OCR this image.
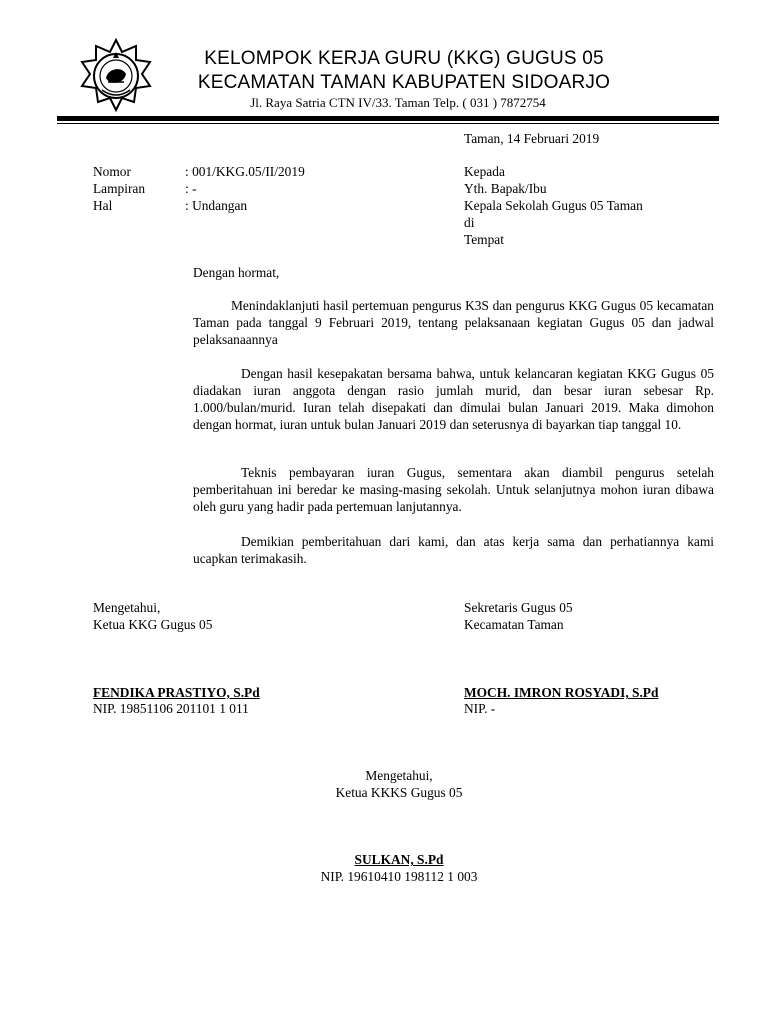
KELOMPOK KERJA GURU (KKG) GUGUS 05
KECAMATAN TAMAN KABUPATEN SIDOARJO
Jl. Raya Satria CTN IV/33. Taman Telp. ( 031 ) 7872754
Taman, 14 Februari 2019
Nomor	: 001/KKG.05/II/2019
Lampiran	: -
Hal	: Undangan
Kepada
Yth. Bapak/Ibu
Kepala Sekolah Gugus 05 Taman
di
Tempat
Dengan hormat,
Menindaklanjuti hasil pertemuan pengurus K3S dan pengurus KKG Gugus 05 kecamatan Taman pada tanggal 9 Februari 2019, tentang pelaksanaan kegiatan Gugus 05 dan jadwal pelaksanaannya
Dengan hasil kesepakatan bersama bahwa, untuk kelancaran kegiatan KKG Gugus 05 diadakan iuran anggota dengan rasio jumlah murid, dan besar iuran sebesar Rp. 1.000/bulan/murid. Iuran telah disepakati dan dimulai bulan Januari 2019. Maka dimohon dengan hormat, iuran untuk bulan Januari 2019 dan seterusnya di bayarkan tiap tanggal 10.
Teknis pembayaran iuran Gugus, sementara akan diambil pengurus setelah pemberitahuan ini beredar ke masing-masing sekolah. Untuk selanjutnya mohon iuran dibawa oleh guru yang hadir pada pertemuan lanjutannya.
Demikian pemberitahuan dari kami, dan atas kerja sama dan perhatiannya kami ucapkan terimakasih.
Mengetahui,
Ketua KKG Gugus 05
FENDIKA PRASTIYO, S.Pd
NIP. 19851106 201101 1 011
Sekretaris Gugus 05
Kecamatan Taman
MOCH. IMRON ROSYADI, S.Pd
NIP. -
Mengetahui,
Ketua KKKS Gugus 05
SULKAN, S.Pd
NIP. 19610410 198112 1 003
